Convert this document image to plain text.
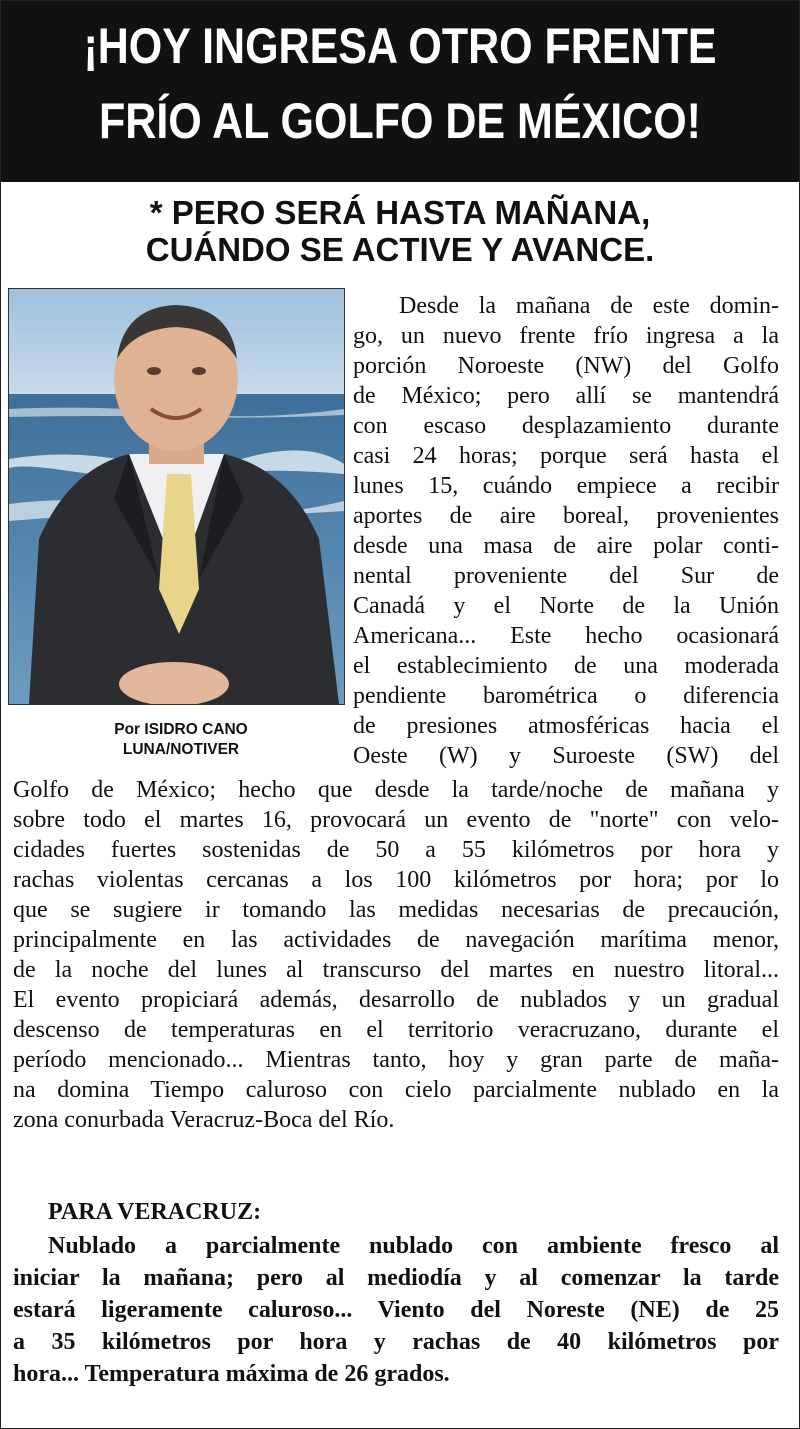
¡HOY INGRESA OTRO FRENTE
FRÍO AL GOLFO DE MÉXICO!
* PERO SERÁ HASTA MAÑANA,
CUÁNDO SE ACTIVE Y AVANCE.
Por ISIDRO CANO
LUNA/NOTIVER
Desde la mañana de este domin-
go, un nuevo frente frío ingresa a la
porción Noroeste (NW) del Golfo
de México; pero allí se mantendrá
con escaso desplazamiento durante
casi 24 horas; porque será hasta el
lunes 15, cuándo empiece a recibir
aportes de aire boreal, provenientes
desde una masa de aire polar conti-
nental proveniente del Sur de
Canadá y el Norte de la Unión
Americana... Este hecho ocasionará
el establecimiento de una moderada
pendiente barométrica o diferencia
de presiones atmosféricas hacia el
Oeste (W) y Suroeste (SW) del
Golfo de México; hecho que desde la tarde/noche de mañana y
sobre todo el martes 16, provocará un evento de "norte" con velo-
cidades fuertes sostenidas de 50 a 55 kilómetros por hora y
rachas violentas cercanas a los 100 kilómetros por hora; por lo
que se sugiere ir tomando las medidas necesarias de precaución,
principalmente en las actividades de navegación marítima menor,
de la noche del lunes al transcurso del martes en nuestro litoral...
El evento propiciará además, desarrollo de nublados y un gradual
descenso de temperaturas en el territorio veracruzano, durante el
período mencionado... Mientras tanto, hoy y gran parte de maña-
na domina Tiempo caluroso con cielo parcialmente nublado en la
zona conurbada Veracruz-Boca del Río.
PARA VERACRUZ:
Nublado a parcialmente nublado con ambiente fresco al
iniciar la mañana; pero al mediodía y al comenzar la tarde
estará ligeramente caluroso... Viento del Noreste (NE) de 25
a 35 kilómetros por hora y rachas de 40 kilómetros por
hora... Temperatura máxima de 26 grados.
